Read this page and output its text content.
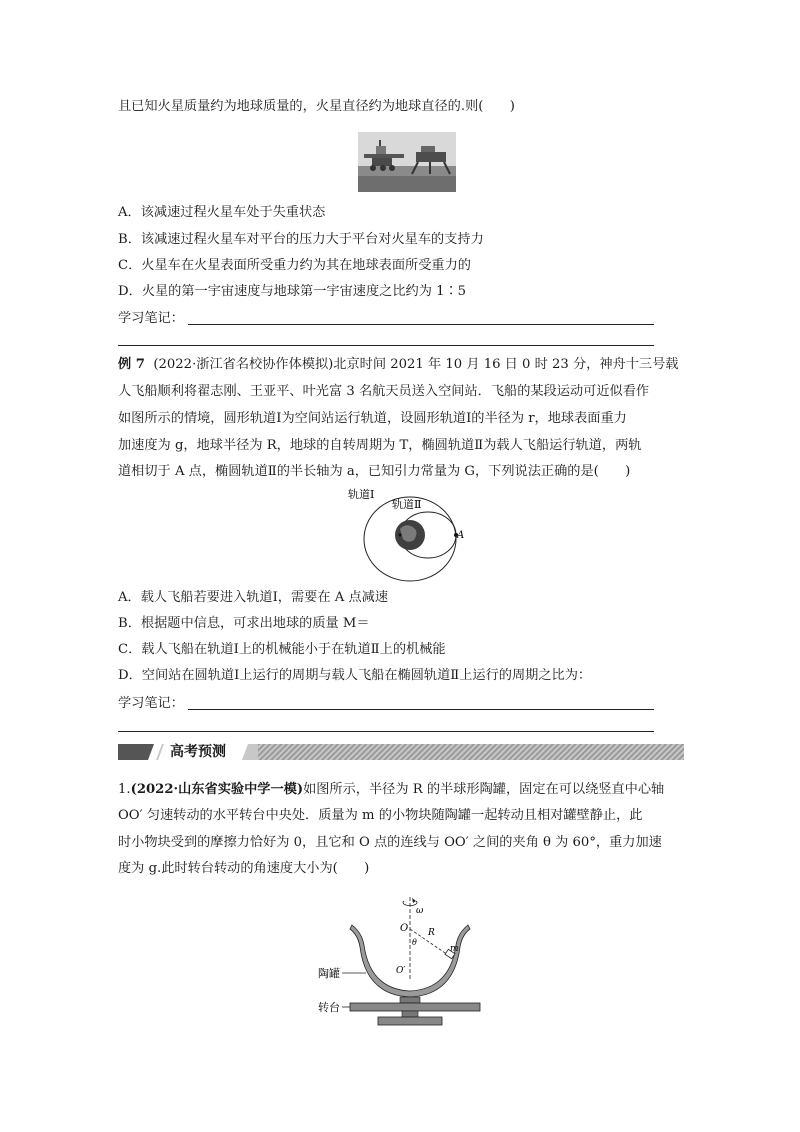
且已知火星质量约为地球质量的，火星直径约为地球直径的.则(　　)
A．该减速过程火星车处于失重状态
B．该减速过程火星车对平台的压力大于平台对火星车的支持力
C．火星车在火星表面所受重力约为其在地球表面所受重力的
D．火星的第一宇宙速度与地球第一宇宙速度之比约为 1∶5
学习笔记：
例 7 (2022·浙江省名校协作体模拟)北京时间 2021 年 10 月 16 日 0 时 23 分，神舟十三号载
人飞船顺利将翟志刚、王亚平、叶光富 3 名航天员送入空间站．飞船的某段运动可近似看作
如图所示的情境，圆形轨道Ⅰ为空间站运行轨道，设圆形轨道Ⅰ的半径为 r，地球表面重力
加速度为 g，地球半径为 R，地球的自转周期为 T，椭圆轨道Ⅱ为载人飞船运行轨道，两轨
道相切于 A 点，椭圆轨道Ⅱ的半长轴为 a，已知引力常量为 G，下列说法正确的是(　　)
轨道Ⅰ
轨道Ⅱ
A
A．载人飞船若要进入轨道Ⅰ，需要在 A 点减速
B．根据题中信息，可求出地球的质量 M＝
C．载人飞船在轨道Ⅰ上的机械能小于在轨道Ⅱ上的机械能
D．空间站在圆轨道Ⅰ上运行的周期与载人飞船在椭圆轨道Ⅱ上运行的周期之比为：
学习笔记：
高考预测
1.(2022·山东省实验中学一模)如图所示，半径为 R 的半球形陶罐，固定在可以绕竖直中心轴
OO′ 匀速转动的水平转台中央处．质量为 m 的小物块随陶罐一起转动且相对罐壁静止，此
时小物块受到的摩擦力恰好为 0，且它和 O 点的连线与 OO′ 之间的夹角 θ 为 60°，重力加速
度为 g.此时转台转动的角速度大小为(　　)
ω
O R
m
θ
O′
陶罐
转台
